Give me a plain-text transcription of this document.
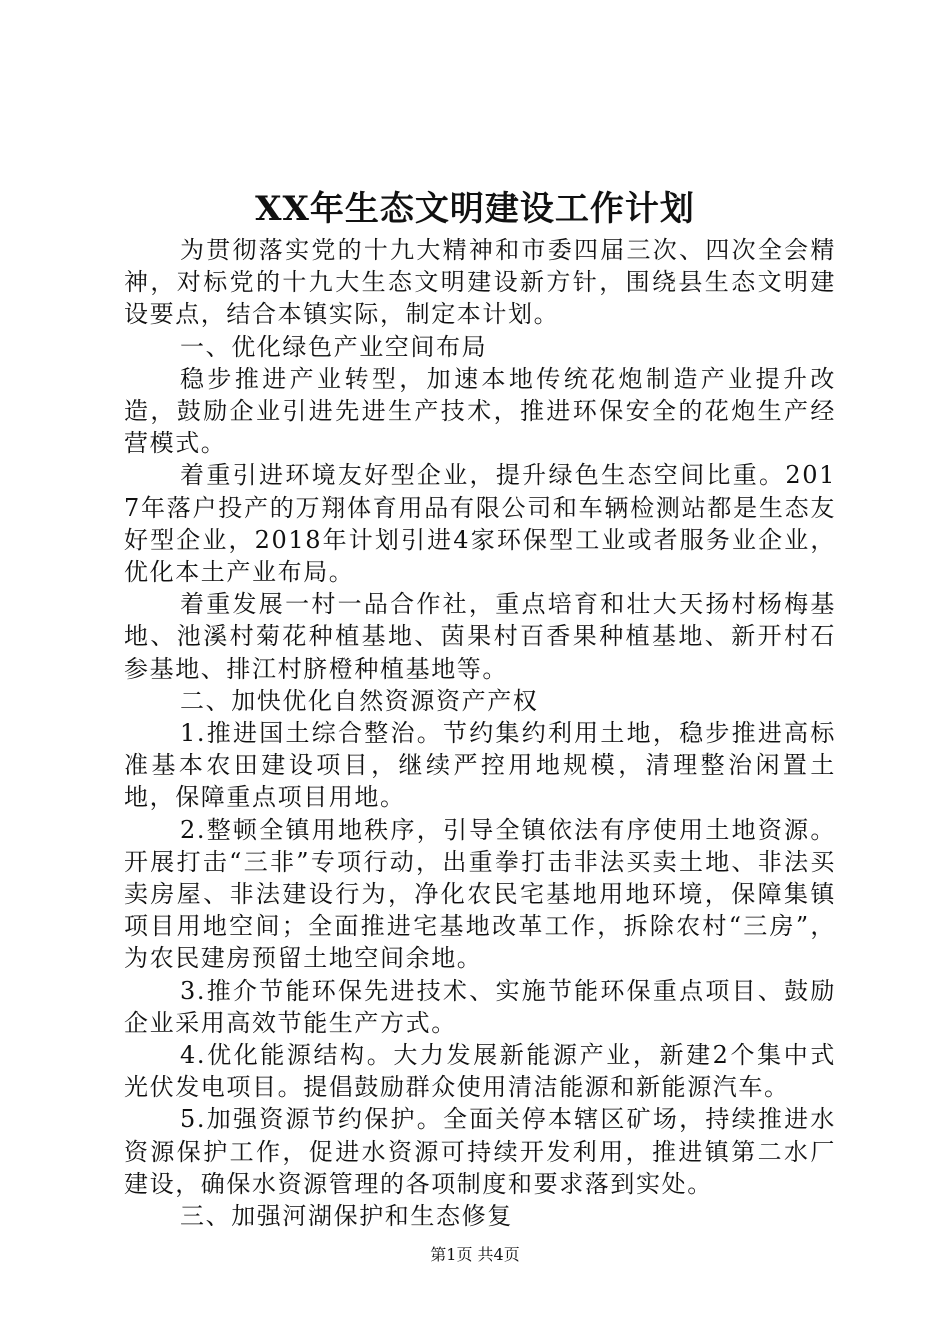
XX年生态文明建设工作计划

为贯彻落实党的十九大精神和市委四届三次、四次全会精神，对标党的十九大生态文明建设新方针，围绕县生态文明建设要点，结合本镇实际，制定本计划。

一、优化绿色产业空间布局

稳步推进产业转型，加速本地传统花炮制造产业提升改造，鼓励企业引进先进生产技术，推进环保安全的花炮生产经营模式。

着重引进环境友好型企业，提升绿色生态空间比重。2017年落户投产的万翔体育用品有限公司和车辆检测站都是生态友好型企业，2018年计划引进4家环保型工业或者服务业企业，优化本土产业布局。

着重发展一村一品合作社，重点培育和壮大天扬村杨梅基地、池溪村菊花种植基地、茵果村百香果种植基地、新开村石参基地、排江村脐橙种植基地等。

二、加快优化自然资源资产产权

1.推进国土综合整治。节约集约利用土地，稳步推进高标准基本农田建设项目，继续严控用地规模，清理整治闲置土地，保障重点项目用地。

2.整顿全镇用地秩序，引导全镇依法有序使用土地资源。开展打击“三非”专项行动，出重拳打击非法买卖土地、非法买卖房屋、非法建设行为，净化农民宅基地用地环境，保障集镇项目用地空间；全面推进宅基地改革工作，拆除农村“三房”，为农民建房预留土地空间余地。

3.推介节能环保先进技术、实施节能环保重点项目、鼓励企业采用高效节能生产方式。

4.优化能源结构。大力发展新能源产业，新建2个集中式光伏发电项目。提倡鼓励群众使用清洁能源和新能源汽车。

5.加强资源节约保护。全面关停本辖区矿场，持续推进水资源保护工作，促进水资源可持续开发利用，推进镇第二水厂建设，确保水资源管理的各项制度和要求落到实处。

三、加强河湖保护和生态修复

第1页 共4页
